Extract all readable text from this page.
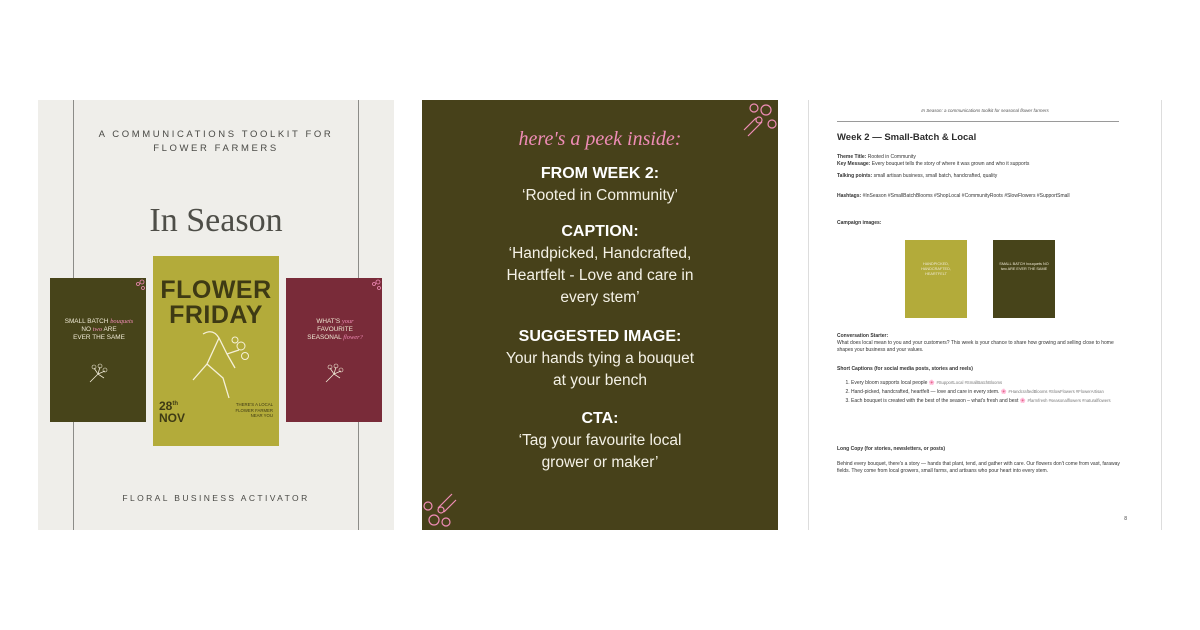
A COMMUNICATIONS TOOLKIT FOR FLOWER FARMERS
In Season
SMALL BATCH bouquets
NO two ARE
EVER THE SAME
FLOWER
FRIDAY
28th
NOV
THERE'S A LOCAL FLOWER FARMER NEAR YOU
WHAT'S your
FAVOURITE
SEASONAL flower?
FLORAL BUSINESS ACTIVATOR
here's a peek inside:
FROM WEEK 2:
‘Rooted in Community’
CAPTION:
‘Handpicked, Handcrafted,
Heartfelt - Love and care in
every stem’
SUGGESTED IMAGE:
Your hands tying a bouquet
at your bench
CTA:
‘Tag your favourite local
grower or maker’
In Season: a communications toolkit for seasonal flower farmers
Week 2 — Small-Batch & Local
Theme Title: Rooted in Community
Key Message: Every bouquet tells the story of where it was grown and who it supports
Talking points: small artisan business, small batch, handcrafted, quality
Hashtags: #InSeason #SmallBatchBlooms #ShopLocal #CommunityRoots #SlowFlowers #SupportSmall
Campaign images:
HANDPICKED, HANDCRAFTED, HEARTFELT
SMALL BATCH bouquets NO two ARE EVER THE SAME
Conversation Starter:
What does local mean to you and your customers? This week is your chance to share how growing and selling close to home shapes your business and your values.
Short Captions (for social media posts, stories and reels)
1. Every bloom supports local people 🌸 #SupportLocal #SmallBatchBlooms
2. Hand-picked, handcrafted, heartfelt — love and care in every stem. 🌸 #HandcraftedBlooms #SlowFlowers #FlowerArtisan
3. Each bouquet is created with the best of the season – what's fresh and best 🌸 #farmfresh #seasonalflowers #naturalflowers
Long Copy (for stories, newsletters, or posts)
Behind every bouquet, there's a story — hands that plant, tend, and gather with care. Our flowers don't come from vast, faraway fields. They come from local growers, small farms, and artisans who pour heart into every stem.
8
